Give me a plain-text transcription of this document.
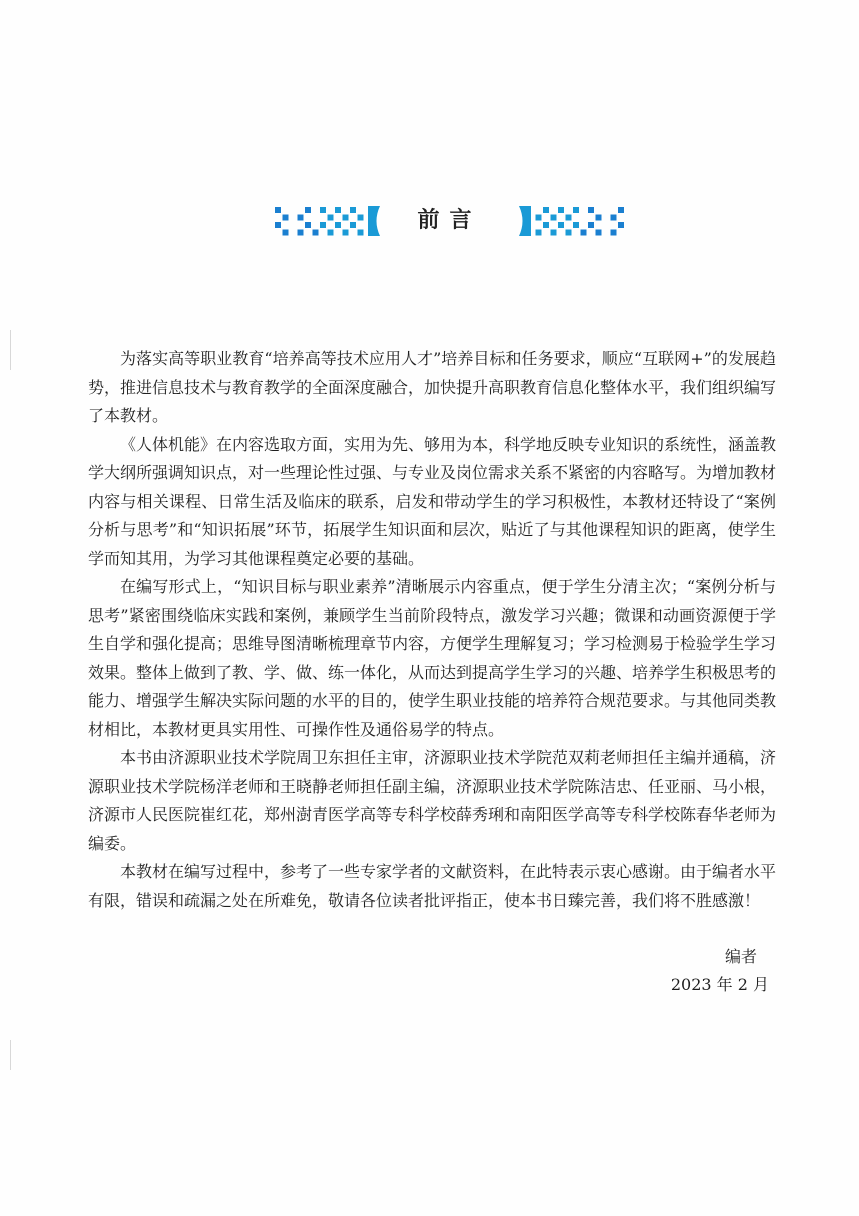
前言

为落实高等职业教育“培养高等技术应用人才”培养目标和任务要求，顺应“互联网+”的发展趋势，推进信息技术与教育教学的全面深度融合，加快提升高职教育信息化整体水平，我们组织编写了本教材。

《人体机能》在内容选取方面，实用为先、够用为本，科学地反映专业知识的系统性，涵盖教学大纲所强调知识点，对一些理论性过强、与专业及岗位需求关系不紧密的内容略写。为增加教材内容与相关课程、日常生活及临床的联系，启发和带动学生的学习积极性，本教材还特设了“案例分析与思考”和“知识拓展”环节，拓展学生知识面和层次，贴近了与其他课程知识的距离，使学生学而知其用，为学习其他课程奠定必要的基础。

在编写形式上，“知识目标与职业素养”清晰展示内容重点，便于学生分清主次；“案例分析与思考”紧密围绕临床实践和案例，兼顾学生当前阶段特点，激发学习兴趣；微课和动画资源便于学生自学和强化提高；思维导图清晰梳理章节内容，方便学生理解复习；学习检测易于检验学生学习效果。整体上做到了教、学、做、练一体化，从而达到提高学生学习的兴趣、培养学生积极思考的能力、增强学生解决实际问题的水平的目的，使学生职业技能的培养符合规范要求。与其他同类教材相比，本教材更具实用性、可操作性及通俗易学的特点。

本书由济源职业技术学院周卫东担任主审，济源职业技术学院范双莉老师担任主编并通稿，济源职业技术学院杨洋老师和王晓静老师担任副主编，济源职业技术学院陈洁忠、任亚丽、马小根，济源市人民医院崔红花，郑州澍青医学高等专科学校薛秀琍和南阳医学高等专科学校陈春华老师为编委。

本教材在编写过程中，参考了一些专家学者的文献资料，在此特表示衷心感谢。由于编者水平有限，错误和疏漏之处在所难免，敬请各位读者批评指正，使本书日臻完善，我们将不胜感激！

编者
2023 年 2 月
